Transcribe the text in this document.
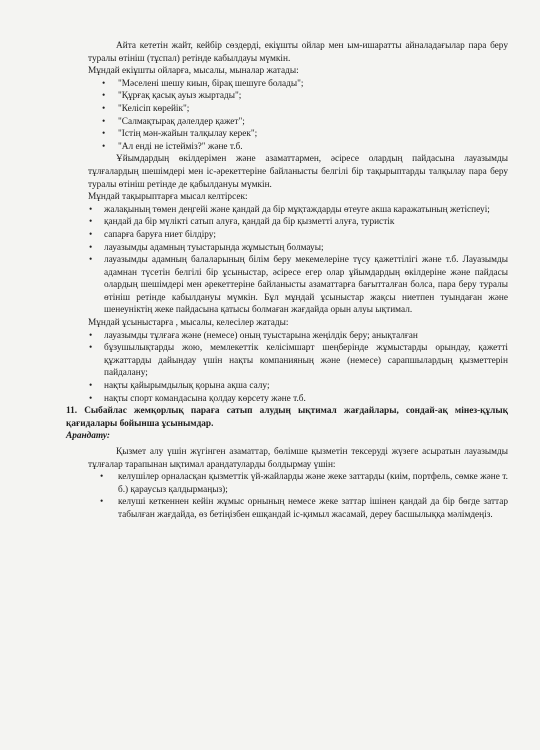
Айта кететін жайт, кейбір сөздерді, екіұшты ойлар мен ым-ишаратты айналадағылар пара беру туралы өтініш (тұспал) ретінде кабылдауы мүмкін.

Мұндай екіұшты ойларға, мысалы, мыналар жатады:

• "Мәселені шешу киын, бірақ шешуге болады";
• "Құрғақ қасық ауыз жыртады";
• "Келісіп көрейік";
• "Салмақтырақ дәлелдер қажет";
• "Істің мән-жайын талқылау керек";
• "Ал енді не істейміз?" және т.б.

Ұйымдардың өкілдерімен және азаматтармен, әсіресе олардың пайдасына лауазымды тұлғалардың шешімдері мен іс-әрекеттеріне байланысты белгілі бір тақырыптарды талқылау пара беру туралы өтініш ретінде де қабылдануы мүмкін.

Мұндай тақырыптарға мысал келтірсек:

• жалақының төмен деңгейі және қандай да бір мұқтаждарды өтеуге акша каражатының жетіспеуі;
• қандай да бір мүлікті сатып алуға, қандай да бір қызметті алуға, туристік
• сапарға баруға ниет білдіру;
• лауазымды адамның туыстарында жұмыстың болмауы;
• лауазымды адамның балаларының білім беру мекемелеріне түсу қажеттілігі және т.б. Лауазымды адамнан түсетін белгілі бір ұсыныстар, әсіресе егер олар ұйымдардың өкілдеріне және пайдасы олардың шешімдері мен әрекеттеріне байланысты азаматтарға бағытталған болса, пара беру туралы өтініш ретінде кабылдануы мүмкін. Бұл мұндай ұсыныстар жақсы ниетпен туындаған және шенеуніктің жеке пайдасына қатысы болмаған жағдайда орын алуы ықтимал.

Мұндай ұсыныстарға , мысалы, келесілер жатады:

• лауазымды тұлғаға және (немесе) оның туыстарына жеңілдік беру; анықталған
• бұзушылықтарды жою, мемлекеттік келісімшарт шеңберінде жұмыстарды орындау, қажетті құжаттарды дайындау үшін нақты компанияның және (немесе) сарапшылардың қызметтерін пайдалану;
• нақты қайырымдылық қорына ақша салу;
• нақты спорт командасына қолдау көрсету және т.б.

11. Сыбайлас жемқорлық параға сатып алудың ықтимал жағдайлары, сондай-ақ мінез-құлық қағидалары бойынша ұсынымдар.

Арандату:

Қызмет алу үшін жүгінген азаматтар, бөлімше қызметін тексеруді жүзеге асыратын лауазымды тұлғалар тарапынан ықтимал арандатуларды болдырмау үшін:

• келушілер орналасқан қызметтік үй-жайларды және жеке заттарды (киім, портфель, сөмке және т. б.) қараусыз қалдырмаңыз);
• келуші кеткеннен кейін жұмыс орнының немесе жеке заттар ішінен қандай да бір бөгде заттар табылған жағдайда, өз бетіңізбен ешқандай іс-қимыл жасамай, дереу басшылыққа мәлімдеңіз.
